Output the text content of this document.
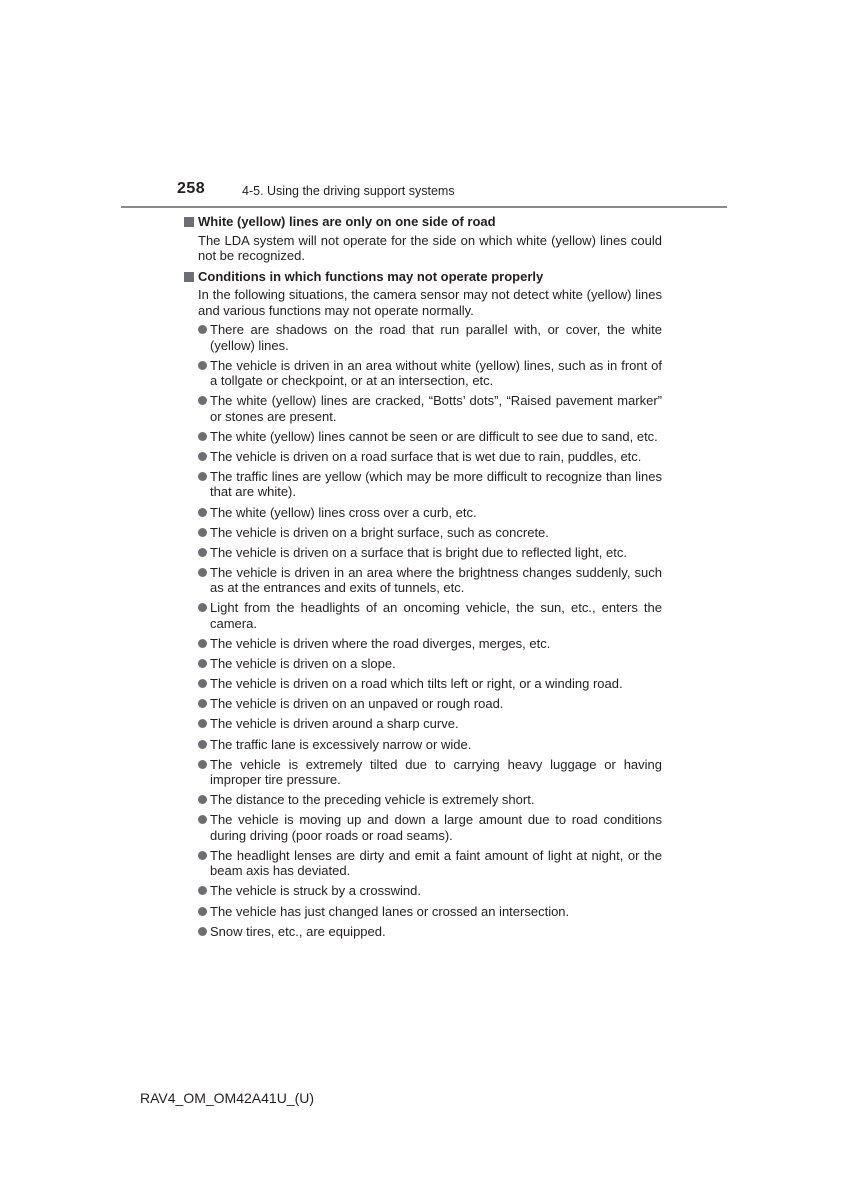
258	4-5. Using the driving support systems
White (yellow) lines are only on one side of road
The LDA system will not operate for the side on which white (yellow) lines could not be recognized.
Conditions in which functions may not operate properly
In the following situations, the camera sensor may not detect white (yellow) lines and various functions may not operate normally.
There are shadows on the road that run parallel with, or cover, the white (yellow) lines.
The vehicle is driven in an area without white (yellow) lines, such as in front of a tollgate or checkpoint, or at an intersection, etc.
The white (yellow) lines are cracked, “Botts’ dots”, “Raised pavement marker” or stones are present.
The white (yellow) lines cannot be seen or are difficult to see due to sand, etc.
The vehicle is driven on a road surface that is wet due to rain, puddles, etc.
The traffic lines are yellow (which may be more difficult to recognize than lines that are white).
The white (yellow) lines cross over a curb, etc.
The vehicle is driven on a bright surface, such as concrete.
The vehicle is driven on a surface that is bright due to reflected light, etc.
The vehicle is driven in an area where the brightness changes suddenly, such as at the entrances and exits of tunnels, etc.
Light from the headlights of an oncoming vehicle, the sun, etc., enters the camera.
The vehicle is driven where the road diverges, merges, etc.
The vehicle is driven on a slope.
The vehicle is driven on a road which tilts left or right, or a winding road.
The vehicle is driven on an unpaved or rough road.
The vehicle is driven around a sharp curve.
The traffic lane is excessively narrow or wide.
The vehicle is extremely tilted due to carrying heavy luggage or having improper tire pressure.
The distance to the preceding vehicle is extremely short.
The vehicle is moving up and down a large amount due to road conditions during driving (poor roads or road seams).
The headlight lenses are dirty and emit a faint amount of light at night, or the beam axis has deviated.
The vehicle is struck by a crosswind.
The vehicle has just changed lanes or crossed an intersection.
Snow tires, etc., are equipped.
RAV4_OM_OM42A41U_(U)
